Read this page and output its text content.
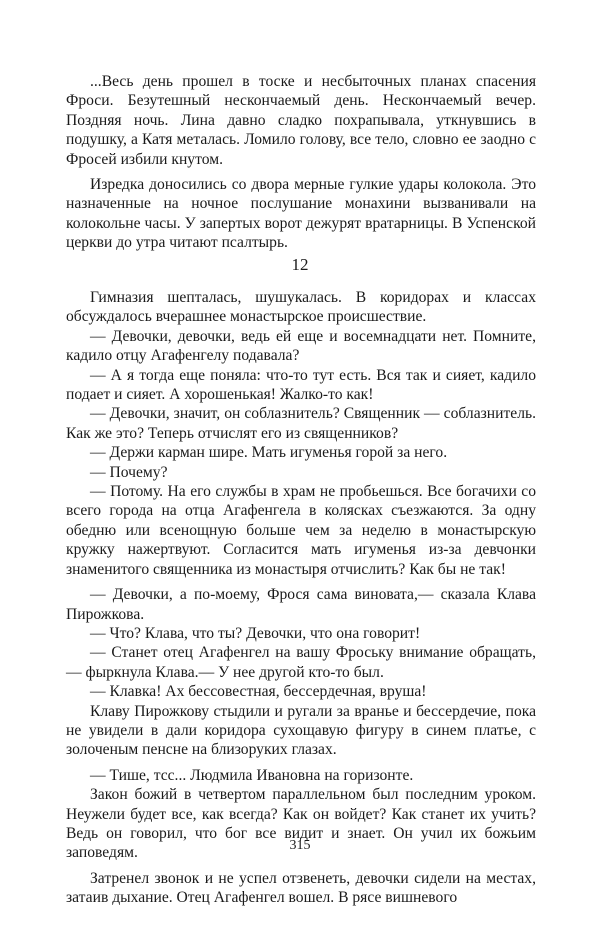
...Весь день прошел в тоске и несбыточных планах спасения Фроси. Безутешный нескончаемый день. Нескончаемый вечер. Поздняя ночь. Лина давно сладко похрапывала, уткнувшись в подушку, а Катя металась. Ломило голову, все тело, словно ее заодно с Фросей избили кнутом.

Изредка доносились со двора мерные гулкие удары колокола. Это назначенные на ночное послушание монахини вызванивали на колокольне часы. У запертых ворот дежурят вратарницы. В Успенской церкви до утра читают псалтырь.

12

Гимназия шепталась, шушукалась. В коридорах и классах обсуждалось вчерашнее монастырское происшествие.

— Девочки, девочки, ведь ей еще и восемнадцати нет. Помните, кадило отцу Агафенгелу подавала?

— А я тогда еще поняла: что-то тут есть. Вся так и сияет, кадило подает и сияет. А хорошенькая! Жалко-то как!

— Девочки, значит, он соблазнитель? Священник — соблазнитель. Как же это? Теперь отчислят его из священников?

— Держи карман шире. Мать игуменья горой за него.

— Почему?

— Потому. На его службы в храм не пробьешься. Все богачихи со всего города на отца Агафенгела в колясках съезжаются. За одну обедню или всенощную больше чем за неделю в монастырскую кружку нажертвуют. Согласится мать игуменья из-за девчонки знаменитого священника из монастыря отчислить? Как бы не так!

— Девочки, а по-моему, Фрося сама виновата,— сказала Клава Пирожкова.

— Что? Клава, что ты? Девочки, что она говорит!

— Станет отец Агафенгел на вашу Фроську внимание обращать,— фыркнула Клава.— У нее другой кто-то был.

— Клавка! Ах бессовестная, бессердечная, вруша!

Клаву Пирожкову стыдили и ругали за вранье и бессердечие, пока не увидели в дали коридора сухощавую фигуру в синем платье, с золоченым пенсне на близоруких глазах.

— Тише, тсс... Людмила Ивановна на горизонте.

Закон божий в четвертом параллельном был последним уроком. Неужели будет все, как всегда? Как он войдет? Как станет их учить? Ведь он говорил, что бог все видит и знает. Он учил их божьим заповедям.

Затренел звонок и не успел отзвенеть, девочки сидели на местах, затаив дыхание. Отец Агафенгел вошел. В рясе вишневого

315
